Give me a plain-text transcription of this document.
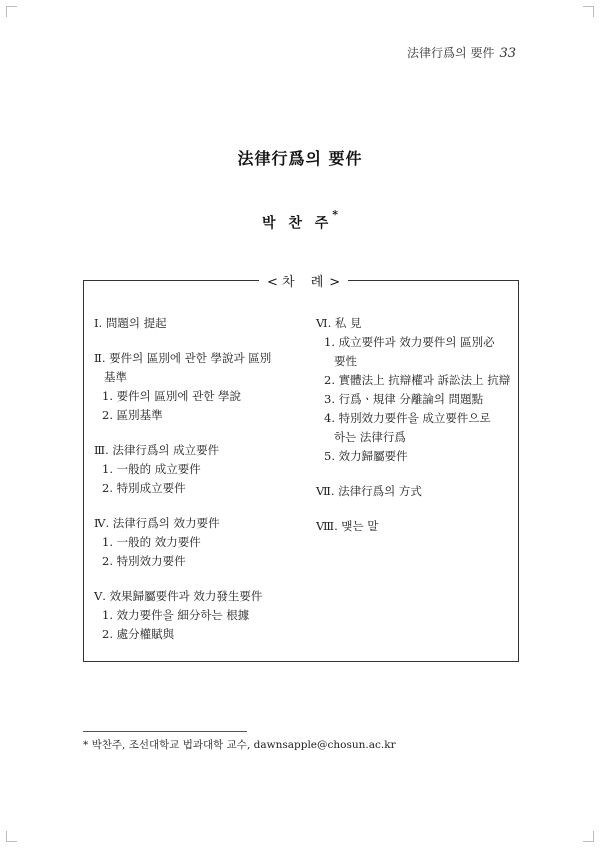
法律行爲의 要件 33
法律行爲의 要件
박 찬 주*
< 차 례>
Ⅰ. 問題의 提起
Ⅱ. 要件의 區別에 관한 學說과 區別
基準
1. 要件의 區別에 관한 學說
2. 區別基準
Ⅲ. 法律行爲의 成立要件
1. 一般的 成立要件
2. 特別成立要件
Ⅳ. 法律行爲의 效力要件
1. 一般的 效力要件
2. 特別效力要件
Ⅴ. 效果歸屬要件과 效力發生要件
1. 效力要件을 細分하는 根據
2. 處分權賦與
Ⅵ. 私 見
1. 成立要件과 效力要件의 區別必
要性
2. 實體法上 抗辯權과 訴訟法上 抗辯
3. 行爲ㆍ規律 分離論의 問題點
4. 特別效力要件을 成立要件으로
하는 法律行爲
5. 效力歸屬要件
Ⅶ. 法律行爲의 方式
Ⅷ. 맺는 말
* 박찬주, 조선대학교 법과대학 교수, dawnsapple@chosun.ac.kr
